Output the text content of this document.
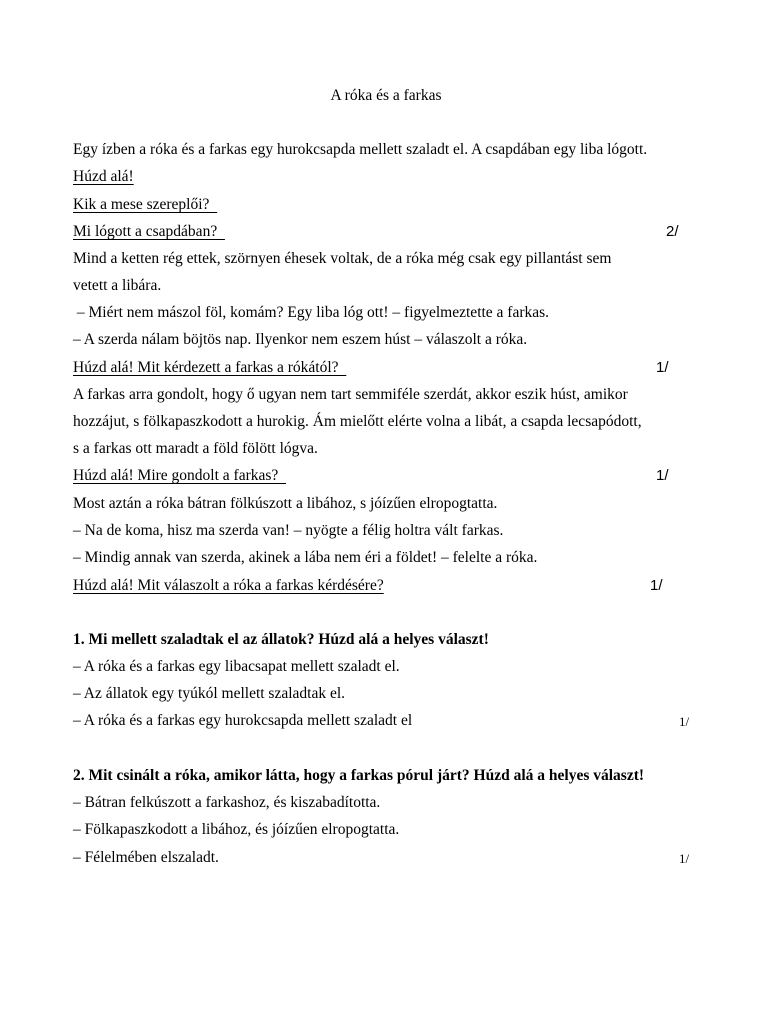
A róka és a farkas
Egy ízben a róka és a farkas egy hurokcsapda mellett szaladt el. A csapdában egy liba lógott.
Húzd alá!
Kik a mese szereplői?
Mi lógott a csapdában?	2/
Mind a ketten rég ettek, szörnyen éhesek voltak, de a róka még csak egy pillantást sem
vetett a libára.
– Miért nem mászol föl, komám? Egy liba lóg ott! – figyelmeztette a farkas.
– A szerda nálam böjtös nap. Ilyenkor nem eszem húst – válaszolt a róka.
Húzd alá! Mit kérdezett a farkas a rókától?	1/
A farkas arra gondolt, hogy ő ugyan nem tart semmiféle szerdát, akkor eszik húst, amikor
hozzájut, s fölkapaszkodott a hurokig. Ám mielőtt elérte volna a libát, a csapda lecsapódott,
s a farkas ott maradt a föld fölött lógva.
Húzd alá! Mire gondolt a farkas?	1/
Most aztán a róka bátran fölkúszott a libához, s jóízűen elropogtatta.
– Na de koma, hisz ma szerda van! – nyögte a félig holtra vált farkas.
– Mindig annak van szerda, akinek a lába nem éri a földet! – felelte a róka.
Húzd alá! Mit válaszolt a róka a farkas kérdésére?	1/
1. Mi mellett szaladtak el az állatok? Húzd alá a helyes választ!
– A róka és a farkas egy libacsapat mellett szaladt el.
– Az állatok egy tyúkól mellett szaladtak el.
– A róka és a farkas egy hurokcsapda mellett szaladt el	1/
2. Mit csinált a róka, amikor látta, hogy a farkas pórul járt? Húzd alá a helyes választ!
– Bátran felkúszott a farkashoz, és kiszabadította.
– Fölkapaszkodott a libához, és jóízűen elropogtatta.
– Félelmében elszaladt.	1/
